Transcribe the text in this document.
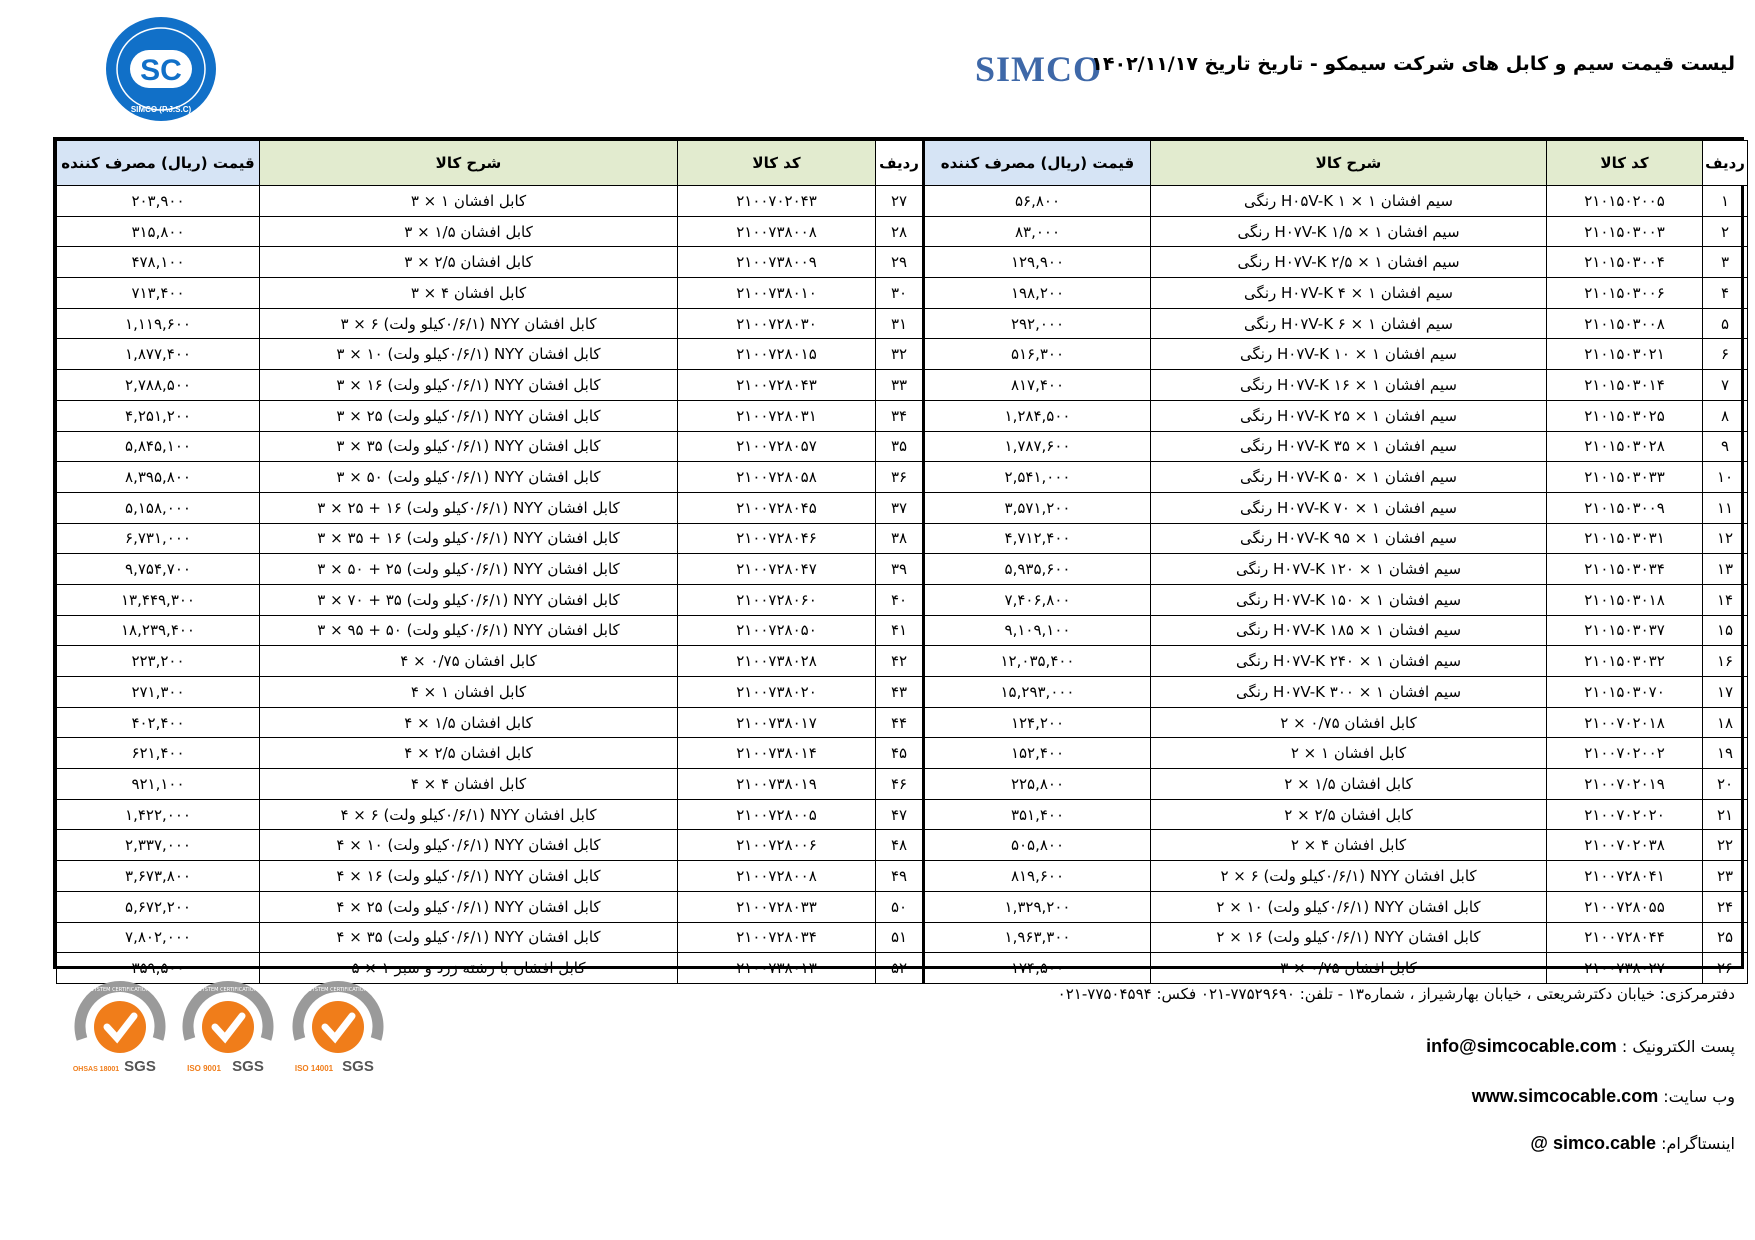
SC
SIMCO (P.J.S.C)
SIMCO
لیست قیمت سیم و کابل های شرکت سیمکو - تاریخ تاریخ ۱۴۰۲/۱۱/۱۷
ردیف	کد کالا	شرح کالا	قیمت (ریال) مصرف کننده	ردیف	کد کالا	شرح کالا	قیمت (ریال) مصرف کننده
۱	۲۱۰۱۵۰۲۰۰۵	سیم افشان H۰۵V-K ۱ × ۱ رنگی	۵۶,۸۰۰	۲۷	۲۱۰۰۷۰۲۰۴۳	کابل افشان ۱ × ۳	۲۰۳,۹۰۰
۲	۲۱۰۱۵۰۳۰۰۳	سیم افشان H۰۷V-K ۱/۵ × ۱ رنگی	۸۳,۰۰۰	۲۸	۲۱۰۰۷۳۸۰۰۸	کابل افشان ۱/۵ × ۳	۳۱۵,۸۰۰
۳	۲۱۰۱۵۰۳۰۰۴	سیم افشان H۰۷V-K ۲/۵ × ۱ رنگی	۱۲۹,۹۰۰	۲۹	۲۱۰۰۷۳۸۰۰۹	کابل افشان ۲/۵ × ۳	۴۷۸,۱۰۰
۴	۲۱۰۱۵۰۳۰۰۶	سیم افشان H۰۷V-K ۴ × ۱ رنگی	۱۹۸,۲۰۰	۳۰	۲۱۰۰۷۳۸۰۱۰	کابل افشان ۴ × ۳	۷۱۳,۴۰۰
۵	۲۱۰۱۵۰۳۰۰۸	سیم افشان H۰۷V-K ۶ × ۱ رنگی	۲۹۲,۰۰۰	۳۱	۲۱۰۰۷۲۸۰۳۰	کابل افشان NYY (۰/۶/۱کیلو ولت) ۶ × ۳	۱,۱۱۹,۶۰۰
۶	۲۱۰۱۵۰۳۰۲۱	سیم افشان H۰۷V-K ۱۰ × ۱ رنگی	۵۱۶,۳۰۰	۳۲	۲۱۰۰۷۲۸۰۱۵	کابل افشان NYY (۰/۶/۱کیلو ولت) ۱۰ × ۳	۱,۸۷۷,۴۰۰
۷	۲۱۰۱۵۰۳۰۱۴	سیم افشان H۰۷V-K ۱۶ × ۱ رنگی	۸۱۷,۴۰۰	۳۳	۲۱۰۰۷۲۸۰۴۳	کابل افشان NYY (۰/۶/۱کیلو ولت) ۱۶ × ۳	۲,۷۸۸,۵۰۰
۸	۲۱۰۱۵۰۳۰۲۵	سیم افشان H۰۷V-K ۲۵ × ۱ رنگی	۱,۲۸۴,۵۰۰	۳۴	۲۱۰۰۷۲۸۰۳۱	کابل افشان NYY (۰/۶/۱کیلو ولت) ۲۵ × ۳	۴,۲۵۱,۲۰۰
۹	۲۱۰۱۵۰۳۰۲۸	سیم افشان H۰۷V-K ۳۵ × ۱ رنگی	۱,۷۸۷,۶۰۰	۳۵	۲۱۰۰۷۲۸۰۵۷	کابل افشان NYY (۰/۶/۱کیلو ولت) ۳۵ × ۳	۵,۸۴۵,۱۰۰
۱۰	۲۱۰۱۵۰۳۰۳۳	سیم افشان H۰۷V-K ۵۰ × ۱ رنگی	۲,۵۴۱,۰۰۰	۳۶	۲۱۰۰۷۲۸۰۵۸	کابل افشان NYY (۰/۶/۱کیلو ولت) ۵۰ × ۳	۸,۳۹۵,۸۰۰
۱۱	۲۱۰۱۵۰۳۰۰۹	سیم افشان H۰۷V-K ۷۰ × ۱ رنگی	۳,۵۷۱,۲۰۰	۳۷	۲۱۰۰۷۲۸۰۴۵	کابل افشان NYY (۰/۶/۱کیلو ولت) ۱۶ + ۲۵ × ۳	۵,۱۵۸,۰۰۰
۱۲	۲۱۰۱۵۰۳۰۳۱	سیم افشان H۰۷V-K ۹۵ × ۱ رنگی	۴,۷۱۲,۴۰۰	۳۸	۲۱۰۰۷۲۸۰۴۶	کابل افشان NYY (۰/۶/۱کیلو ولت) ۱۶ + ۳۵ × ۳	۶,۷۳۱,۰۰۰
۱۳	۲۱۰۱۵۰۳۰۳۴	سیم افشان H۰۷V-K ۱۲۰ × ۱ رنگی	۵,۹۳۵,۶۰۰	۳۹	۲۱۰۰۷۲۸۰۴۷	کابل افشان NYY (۰/۶/۱کیلو ولت) ۲۵ + ۵۰ × ۳	۹,۷۵۴,۷۰۰
۱۴	۲۱۰۱۵۰۳۰۱۸	سیم افشان H۰۷V-K ۱۵۰ × ۱ رنگی	۷,۴۰۶,۸۰۰	۴۰	۲۱۰۰۷۲۸۰۶۰	کابل افشان NYY (۰/۶/۱کیلو ولت) ۳۵ + ۷۰ × ۳	۱۳,۴۴۹,۳۰۰
۱۵	۲۱۰۱۵۰۳۰۳۷	سیم افشان H۰۷V-K ۱۸۵ × ۱ رنگی	۹,۱۰۹,۱۰۰	۴۱	۲۱۰۰۷۲۸۰۵۰	کابل افشان NYY (۰/۶/۱کیلو ولت) ۵۰ + ۹۵ × ۳	۱۸,۲۳۹,۴۰۰
۱۶	۲۱۰۱۵۰۳۰۳۲	سیم افشان H۰۷V-K ۲۴۰ × ۱ رنگی	۱۲,۰۳۵,۴۰۰	۴۲	۲۱۰۰۷۳۸۰۲۸	کابل افشان ۰/۷۵ × ۴	۲۲۳,۲۰۰
۱۷	۲۱۰۱۵۰۳۰۷۰	سیم افشان H۰۷V-K ۳۰۰ × ۱ رنگی	۱۵,۲۹۳,۰۰۰	۴۳	۲۱۰۰۷۳۸۰۲۰	کابل افشان ۱ × ۴	۲۷۱,۳۰۰
۱۸	۲۱۰۰۷۰۲۰۱۸	کابل افشان ۰/۷۵ × ۲	۱۲۴,۲۰۰	۴۴	۲۱۰۰۷۳۸۰۱۷	کابل افشان ۱/۵ × ۴	۴۰۲,۴۰۰
۱۹	۲۱۰۰۷۰۲۰۰۲	کابل افشان ۱ × ۲	۱۵۲,۴۰۰	۴۵	۲۱۰۰۷۳۸۰۱۴	کابل افشان ۲/۵ × ۴	۶۲۱,۴۰۰
۲۰	۲۱۰۰۷۰۲۰۱۹	کابل افشان ۱/۵ × ۲	۲۲۵,۸۰۰	۴۶	۲۱۰۰۷۳۸۰۱۹	کابل افشان ۴ × ۴	۹۲۱,۱۰۰
۲۱	۲۱۰۰۷۰۲۰۲۰	کابل افشان ۲/۵ × ۲	۳۵۱,۴۰۰	۴۷	۲۱۰۰۷۲۸۰۰۵	کابل افشان NYY (۰/۶/۱کیلو ولت) ۶ × ۴	۱,۴۲۲,۰۰۰
۲۲	۲۱۰۰۷۰۲۰۳۸	کابل افشان ۴ × ۲	۵۰۵,۸۰۰	۴۸	۲۱۰۰۷۲۸۰۰۶	کابل افشان NYY (۰/۶/۱کیلو ولت) ۱۰ × ۴	۲,۳۳۷,۰۰۰
۲۳	۲۱۰۰۷۲۸۰۴۱	کابل افشان NYY (۰/۶/۱کیلو ولت) ۶ × ۲	۸۱۹,۶۰۰	۴۹	۲۱۰۰۷۲۸۰۰۸	کابل افشان NYY (۰/۶/۱کیلو ولت) ۱۶ × ۴	۳,۶۷۳,۸۰۰
۲۴	۲۱۰۰۷۲۸۰۵۵	کابل افشان NYY (۰/۶/۱کیلو ولت) ۱۰ × ۲	۱,۳۲۹,۲۰۰	۵۰	۲۱۰۰۷۲۸۰۳۳	کابل افشان NYY (۰/۶/۱کیلو ولت) ۲۵ × ۴	۵,۶۷۲,۲۰۰
۲۵	۲۱۰۰۷۲۸۰۴۴	کابل افشان NYY (۰/۶/۱کیلو ولت) ۱۶ × ۲	۱,۹۶۳,۳۰۰	۵۱	۲۱۰۰۷۲۸۰۳۴	کابل افشان NYY (۰/۶/۱کیلو ولت) ۳۵ × ۴	۷,۸۰۲,۰۰۰
۲۶	۲۱۰۰۷۳۸۰۲۷	کابل افشان ۰/۷۵ × ۳	۱۷۴,۵۰۰	۵۲	۲۱۰۰۷۳۸۰۱۳	کابل افشان با رشته زرد و سبز ۱ × ۵	۳۵۹,۵۰۰
دفترمرکزی: خیابان دکترشریعتی ، خیابان بهارشیراز ، شماره۱۳ - تلفن: ۷۷۵۲۹۶۹۰-۰۲۱ فکس: ۷۷۵۰۴۵۹۴-۰۲۱
پست الکترونیک : info@simcocable.com
وب سایت: www.simcocable.com
اینستاگرام: @ simco.cable
SYSTEM CERTIFICATION
OHSAS 18001 SGS
SYSTEM CERTIFICATION
ISO 9001 SGS
SYSTEM CERTIFICATION
ISO 14001 SGS
